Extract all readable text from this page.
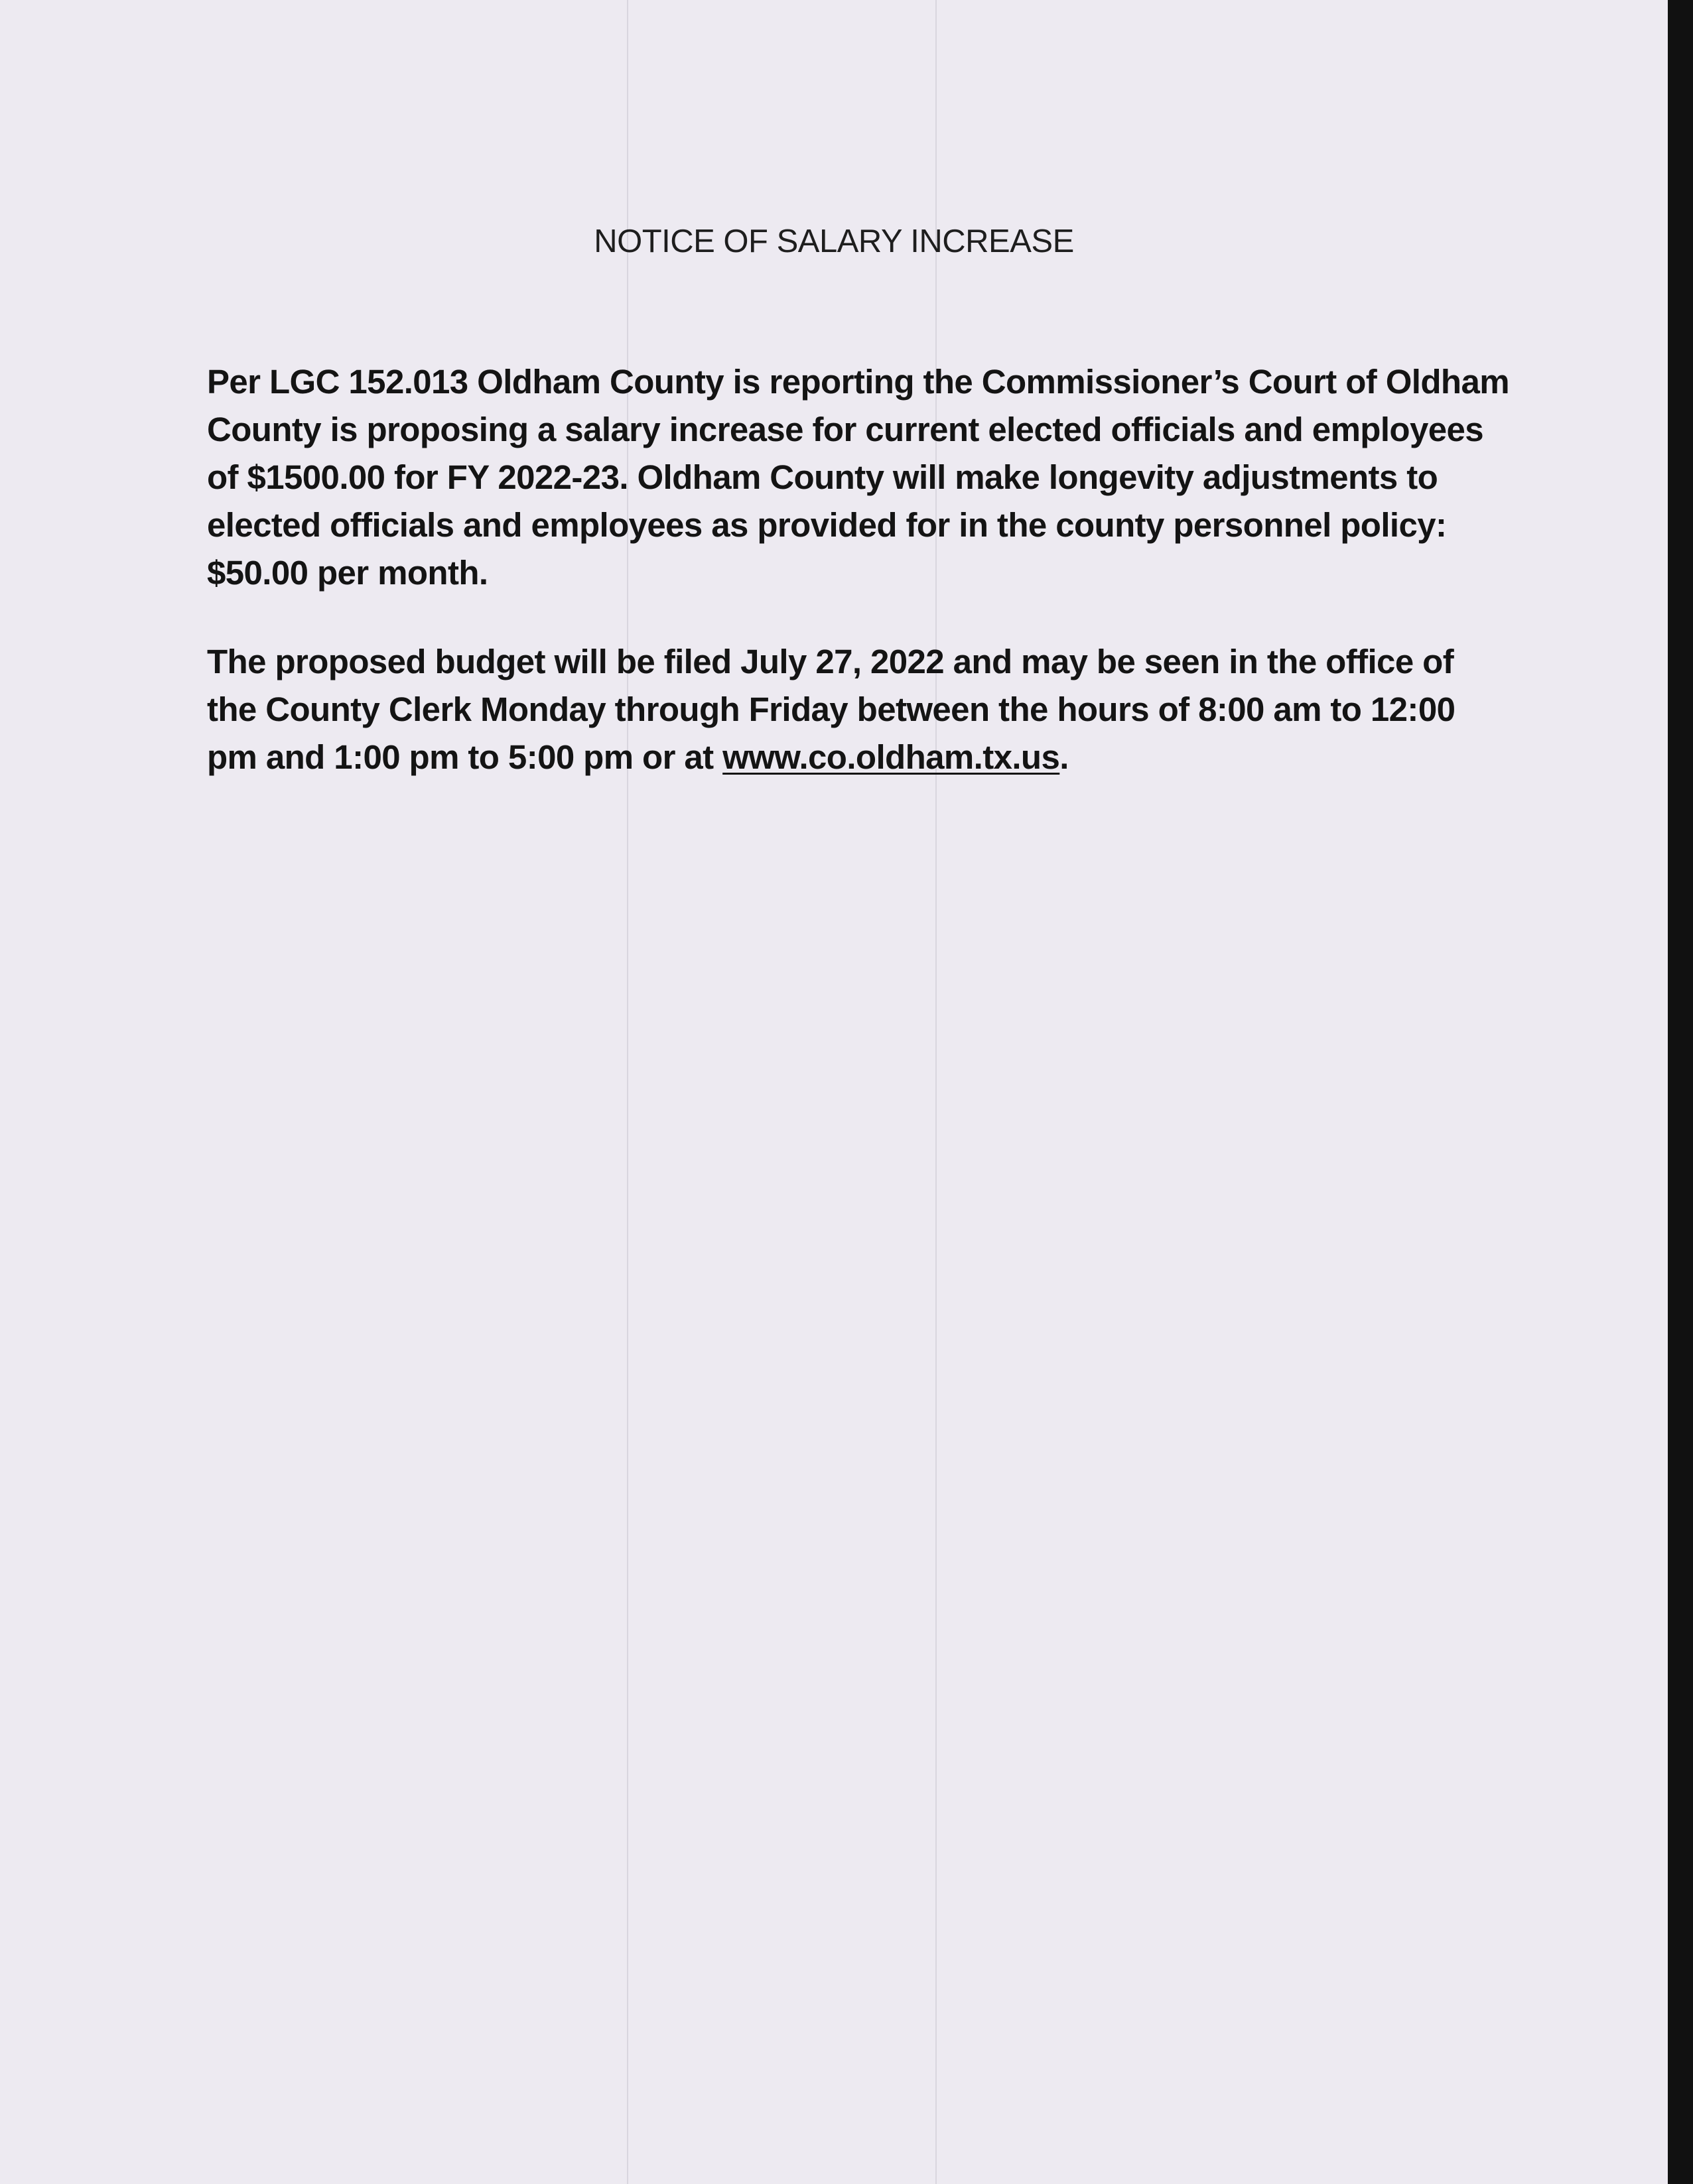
NOTICE OF SALARY INCREASE

Per LGC 152.013 Oldham County is reporting the Commissioner’s Court of Oldham
County is proposing a salary increase for current elected officials and employees
of $1500.00 for FY 2022-23. Oldham County will make longevity adjustments to
elected officials and employees as provided for in the county personnel policy:
$50.00 per month.

The proposed budget will be filed July 27, 2022 and may be seen in the office of
the County Clerk Monday through Friday between the hours of 8:00 am to 12:00
pm and 1:00 pm to 5:00 pm or at www.co.oldham.tx.us.
